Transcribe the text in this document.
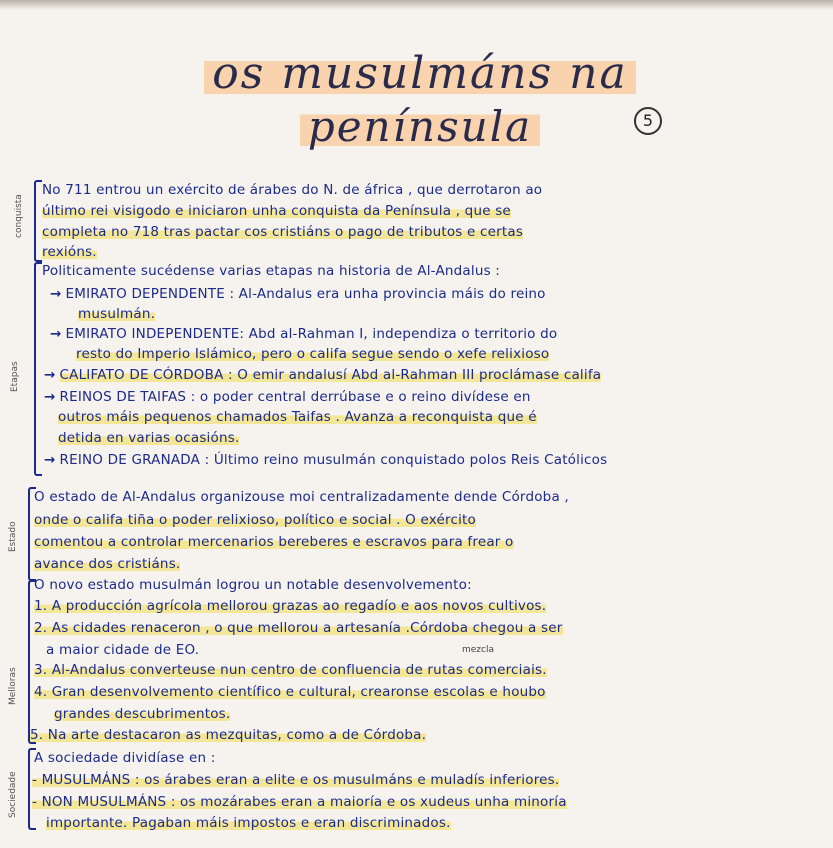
os musulmáns na
península	5
conquista
Etapas
Estado
Melloras
Sociedade
mezcla
No 711 entrou un exército de árabes do N. de áfrica , que derrotaron ao
último rei visigodo e iniciaron unha conquista da Península , que se
completa no 718 tras pactar cos cristiáns o pago de tributos e certas
rexións.
Politicamente sucédense varias etapas na historia de Al-Andalus :
→ EMIRATO DEPENDENTE : Al-Andalus era unha provincia máis do reino
musulmán.
→ EMIRATO INDEPENDENTE: Abd al-Rahman I, independiza o territorio do
resto do Imperio Islámico, pero o califa segue sendo o xefe relixioso
→ CALIFATO DE CÓRDOBA : O emir andalusí Abd al-Rahman III proclámase califa
→ REINOS DE TAIFAS : o poder central derrúbase e o reino divídese en
outros máis pequenos chamados Taifas . Avanza a reconquista que é
detida en varias ocasións.
→ REINO DE GRANADA : Último reino musulmán conquistado polos Reis Católicos
O estado de Al-Andalus organizouse moi centralizadamente dende Córdoba ,
onde o califa tiña o poder relixioso, político e social . O exército
comentou a controlar mercenarios bereberes e escravos para frear o
avance dos cristiáns.
O novo estado musulmán logrou un notable desenvolvemento:
1. A producción agrícola mellorou grazas ao regadío e aos novos cultivos.
2. As cidades renaceron , o que mellorou a artesanía .Córdoba chegou a ser
a maior cidade de EO.
3. Al-Andalus converteuse nun centro de confluencia de rutas comerciais.
4. Gran desenvolvemento científico e cultural, crearonse escolas e houbo
grandes descubrimentos.
5. Na arte destacaron as mezquitas, como a de Córdoba.
A sociedade dividíase en :
- MUSULMÁNS : os árabes eran a elite e os musulmáns e muladís inferiores.
- NON MUSULMÁNS : os mozárabes eran a maioría e os xudeus unha minoría
importante. Pagaban máis impostos e eran discriminados.
